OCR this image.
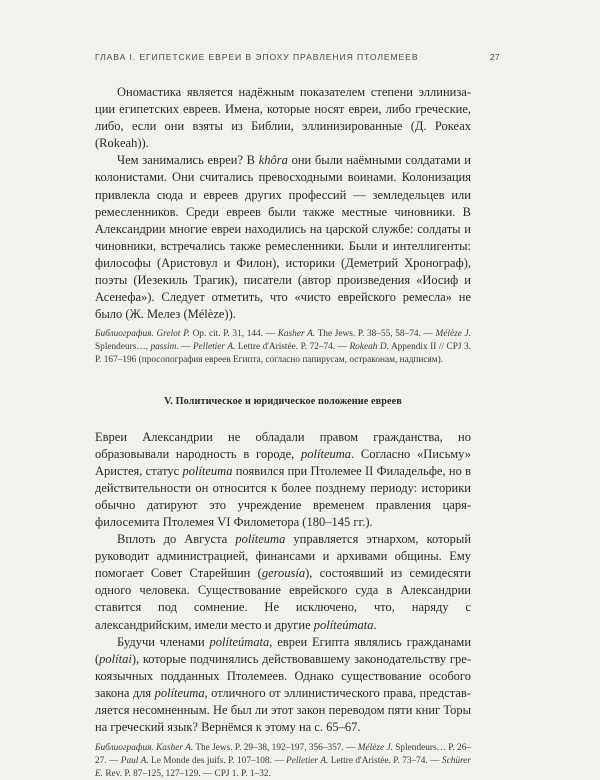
ГЛАВА I. ЕГИПЕТСКИЕ ЕВРЕИ В ЭПОХУ ПРАВЛЕНИЯ ПТОЛЕМЕЕВ	27

Ономастика является надёжным показателем степени эллинизации египетских евреев. Имена, которые носят евреи, либо греческие, либо, если они взяты из Библии, эллинизированные (Д. Рокеах (Rokeah)).

Чем занимались евреи? В khôra они были наёмными солдатами и колонистами. Они считались превосходными воинами. Колонизация привлекла сюда и евреев других профессий — земледельцев или ремесленников. Среди евреев были также местные чиновники. В Александрии многие евреи находились на царской службе: солдаты и чиновники, встречались также ремесленники. Были и интеллигенты: философы (Аристовул и Филон), историки (Деметрий Хронограф), поэты (Иезекиль Трагик), писатели (автор произведения «Иосиф и Асенефа»). Следует отметить, что «чисто еврейского ремесла» не было (Ж. Мелез (Mélèze)).

Библиография. Grelot P. Op. cit. P. 31, 144. — Kasher A. The Jews. P. 38–55, 58–74. — Mélèze J. Splendeurs…, passim. — Pelletier A. Lettre d'Aristée. P. 72–74. — Rokeah D. Appendix II // CPJ 3. P. 167–196 (просопография евреев Египта, согласно папирусам, остраконам, надписям).
V. Политическое и юридическое положение евреев

Евреи Александрии не обладали правом гражданства, но образовывали народность в городе, políteuma. Согласно «Письму» Аристея, статус políteuma появился при Птолемее II Филадельфе, но в действительности он относится к более позднему периоду: историки обычно датируют это учреждение временем правления царя-филосемита Птолемея VI Филометора (180–145 гг.).

Вплоть до Августа políteuma управляется этнархом, который руководит администрацией, финансами и архивами общины. Ему помогает Совет Старейшин (gerousía), состоявший из семидесяти одного человека. Существование еврейского суда в Александрии ставится под сомнение. Не исключено, что, наряду с александрийским, имели место и другие políteúmata.

Будучи членами políteúmata, евреи Египта являлись гражданами (polítai), которые подчинялись действовавшему законодательству грекоязычных подданных Птолемеев. Однако существование особого закона для políteuma, отличного от эллинистического права, представляется несомненным. Не был ли этот закон переводом пяти книг Торы на греческий язык? Вернёмся к этому на с. 65–67.

Библиография. Kasher A. The Jews. P. 29–38, 192–197, 356–357. — Mélèze J. Splendeurs… P. 26–27. — Paul A. Le Monde des juifs. P. 107–108. — Pelletier A. Lettre d'Aristée. P. 73–74. — Schürer E. Rev. P. 87–125, 127–129. — CPJ 1. P. 1–32.
